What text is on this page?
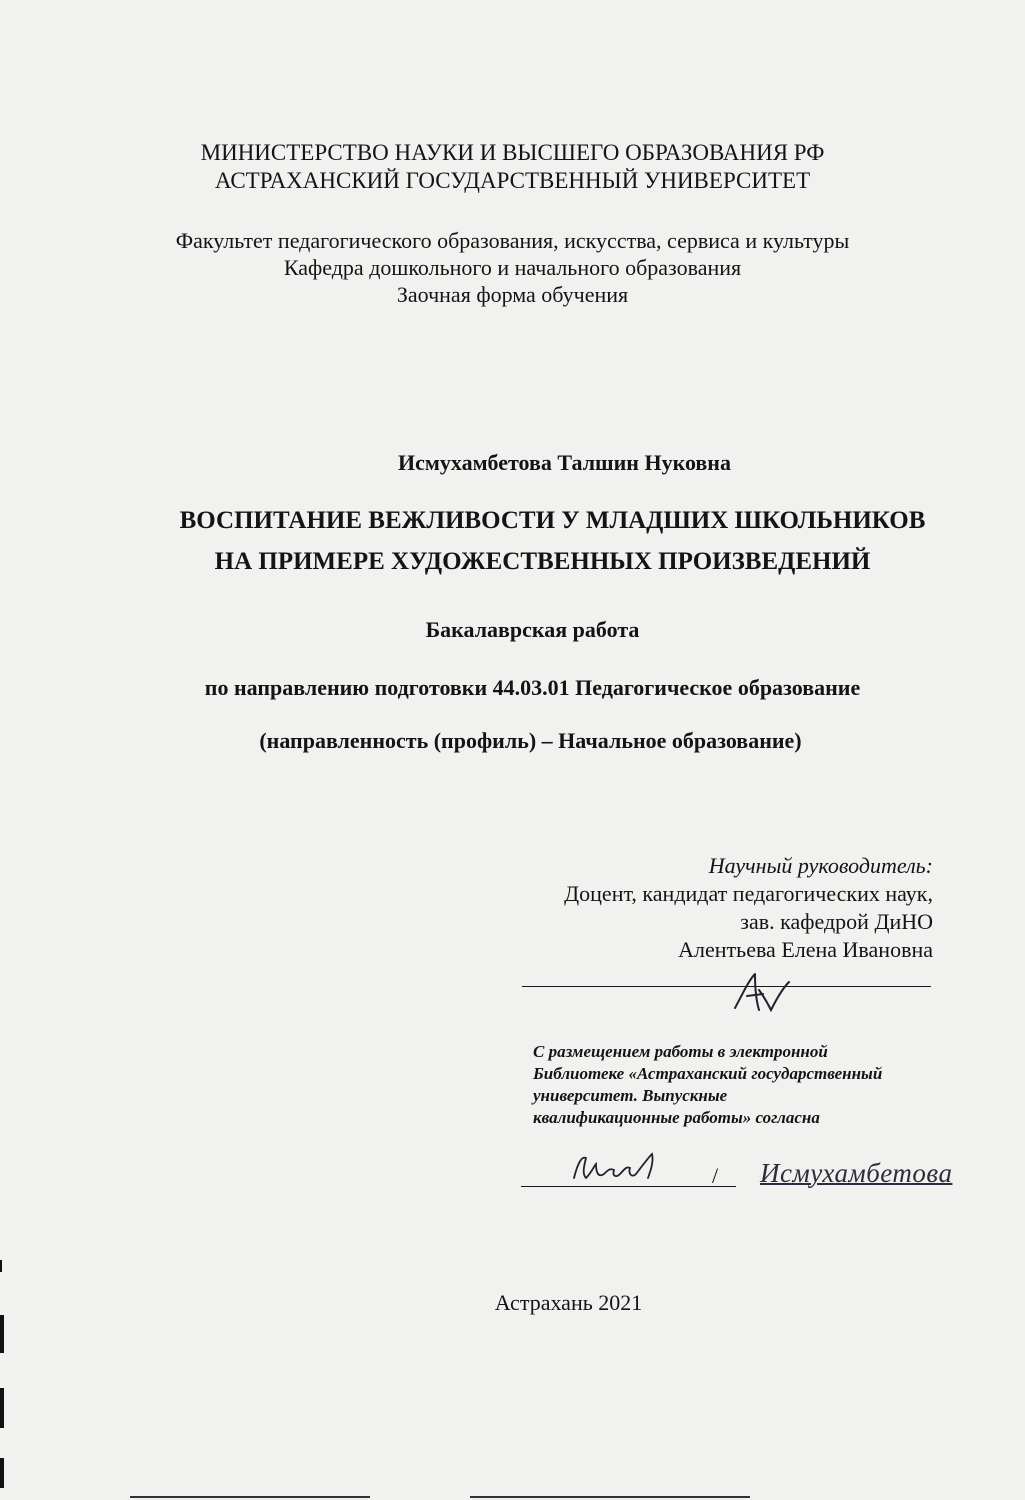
МИНИСТЕРСТВО НАУКИ И ВЫСШЕГО ОБРАЗОВАНИЯ РФ
АСТРАХАНСКИЙ ГОСУДАРСТВЕННЫЙ УНИВЕРСИТЕТ
Факультет педагогического образования, искусства, сервиса и культуры
Кафедра дошкольного и начального образования
Заочная форма обучения
Исмухамбетова Талшин Нуковна
ВОСПИТАНИЕ ВЕЖЛИВОСТИ У МЛАДШИХ ШКОЛЬНИКОВ
НА ПРИМЕРЕ ХУДОЖЕСТВЕННЫХ ПРОИЗВЕДЕНИЙ
Бакалаврская работа
по направлению подготовки 44.03.01 Педагогическое образование
(направленность (профиль) – Начальное образование)
Научный руководитель:
Доцент, кандидат педагогических наук,
зав. кафедрой ДиНО
Алентьева Елена Ивановна
С размещением работы в электронной
Библиотеке «Астраханский государственный
университет. Выпускные
квалификационные работы» согласна
/ Исмухамбетова
Астрахань 2021
